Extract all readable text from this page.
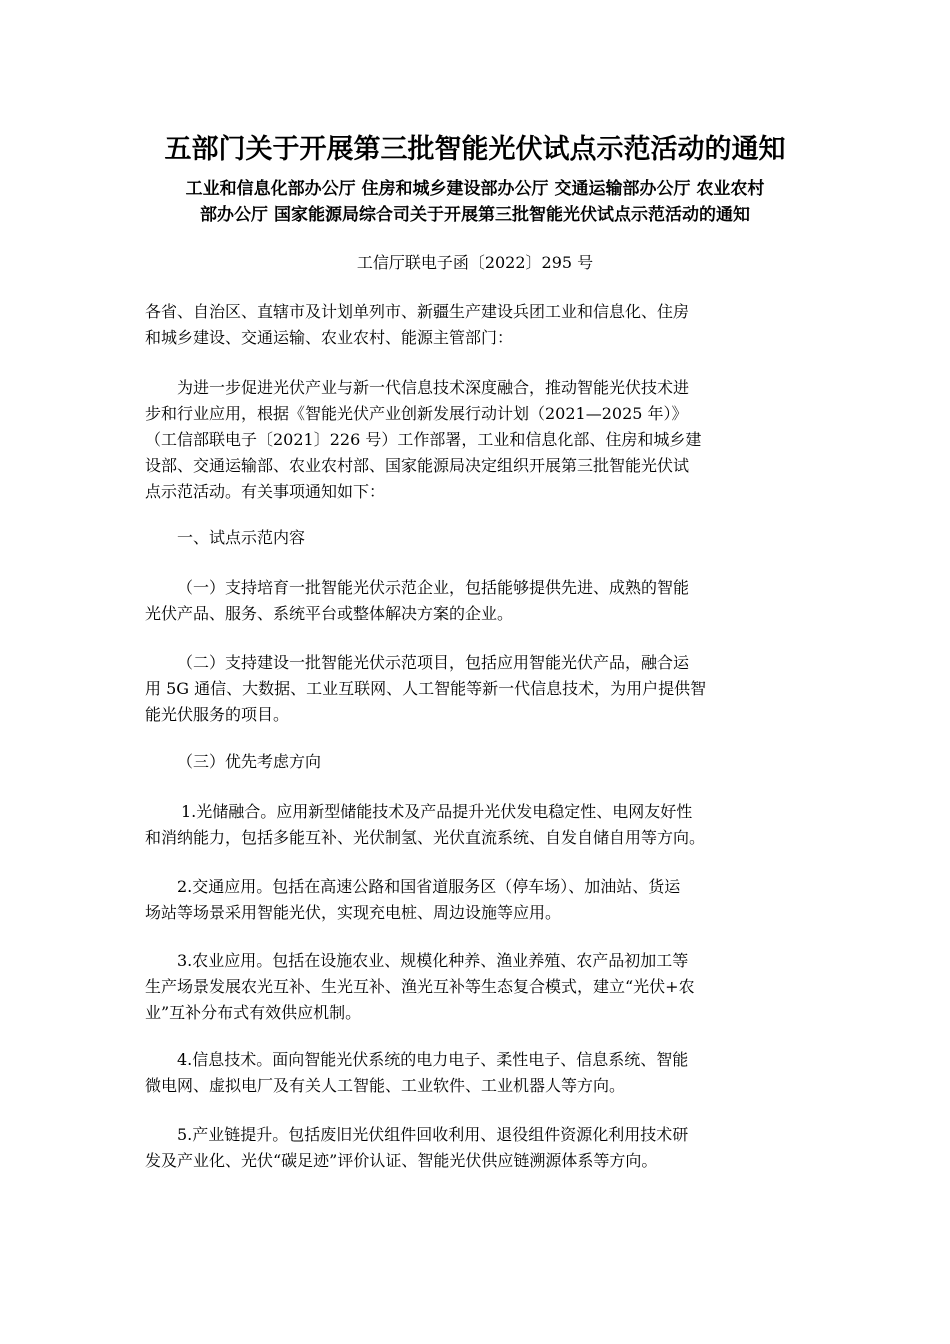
五部门关于开展第三批智能光伏试点示范活动的通知
工业和信息化部办公厅 住房和城乡建设部办公厅 交通运输部办公厅 农业农村
部办公厅 国家能源局综合司关于开展第三批智能光伏试点示范活动的通知
工信厅联电子函〔2022〕295 号
各省、自治区、直辖市及计划单列市、新疆生产建设兵团工业和信息化、住房
和城乡建设、交通运输、农业农村、能源主管部门：
为进一步促进光伏产业与新一代信息技术深度融合，推动智能光伏技术进
步和行业应用，根据《智能光伏产业创新发展行动计划（2021—2025 年）》
（工信部联电子〔2021〕226 号）工作部署，工业和信息化部、住房和城乡建
设部、交通运输部、农业农村部、国家能源局决定组织开展第三批智能光伏试
点示范活动。有关事项通知如下：
一、试点示范内容
（一）支持培育一批智能光伏示范企业，包括能够提供先进、成熟的智能
光伏产品、服务、系统平台或整体解决方案的企业。
（二）支持建设一批智能光伏示范项目，包括应用智能光伏产品，融合运
用 5G 通信、大数据、工业互联网、人工智能等新一代信息技术，为用户提供智
能光伏服务的项目。
（三）优先考虑方向
1.光储融合。应用新型储能技术及产品提升光伏发电稳定性、电网友好性
和消纳能力，包括多能互补、光伏制氢、光伏直流系统、自发自储自用等方向。
2.交通应用。包括在高速公路和国省道服务区（停车场）、加油站、货运
场站等场景采用智能光伏，实现充电桩、周边设施等应用。
3.农业应用。包括在设施农业、规模化种养、渔业养殖、农产品初加工等
生产场景发展农光互补、生光互补、渔光互补等生态复合模式，建立“光伏+农
业”互补分布式有效供应机制。
4.信息技术。面向智能光伏系统的电力电子、柔性电子、信息系统、智能
微电网、虚拟电厂及有关人工智能、工业软件、工业机器人等方向。
5.产业链提升。包括废旧光伏组件回收利用、退役组件资源化利用技术研
发及产业化、光伏“碳足迹”评价认证、智能光伏供应链溯源体系等方向。
